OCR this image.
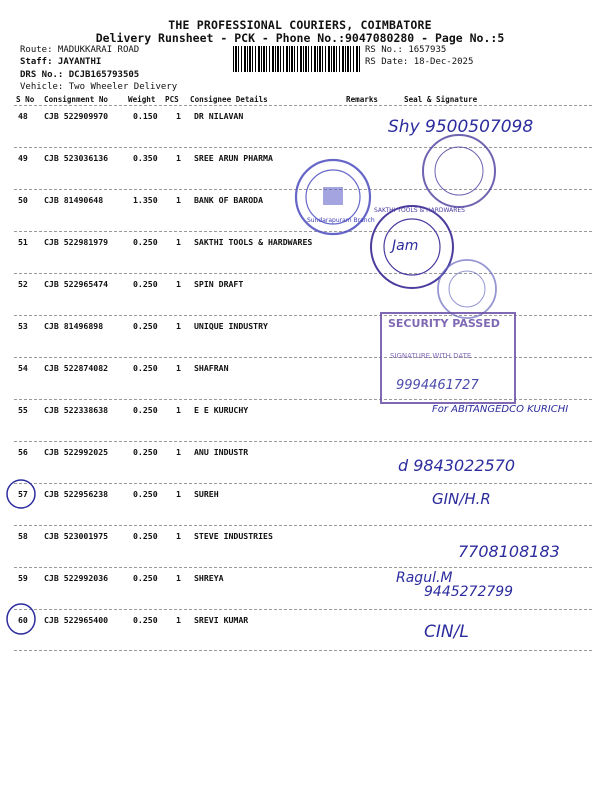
THE PROFESSIONAL COURIERS, COIMBATORE
Delivery Runsheet - PCK - Phone No.:9047080280 - Page No.:5
Route: MADUKKARAI ROAD
Staff: JAYANTHI
DRS No.: DCJB165793505
Vehicle: Two Wheeler Delivery
RS No.: 1657935
RS Date: 18-Dec-2025
S No Consignment No	Weight PCS Consignee Details	Remarks	Seal & Signature
48 CJB 522909970	0.150 1 DR NILAVAN
49 CJB 523036136	0.350 1 SREE ARUN PHARMA
50 CJB 81490648	1.350 1 BANK OF BARODA
51 CJB 522981979	0.250 1 SAKTHI TOOLS & HARDWARES
52 CJB 522965474	0.250 1 SPIN DRAFT
53 CJB 81496898	0.250 1 UNIQUE INDUSTRY
54 CJB 522874082	0.250 1 SHAFRAN
55 CJB 522338638	0.250 1 E E KURUCHY
56 CJB 522992025	0.250 1 ANU INDUSTR
57 CJB 522956238	0.250 1 SUREH
58 CJB 523001975	0.250 1 STEVE INDUSTRIES
59 CJB 522992036	0.250 1 SHREYA
60 CJB 522965400	0.250 1 SREVI KUMAR
Sundarapuram Branch
SAKTHI TOOLS & HARDWARES
SECURITY PASSED
SIGNATURE WITH DATE
9994461727
Shy 9500507098
Jam
For ABITANGEDCO KURICHI
d 9843022570
GIN/H.R
7708108183
Ragul.M
9445272799
CIN/L
